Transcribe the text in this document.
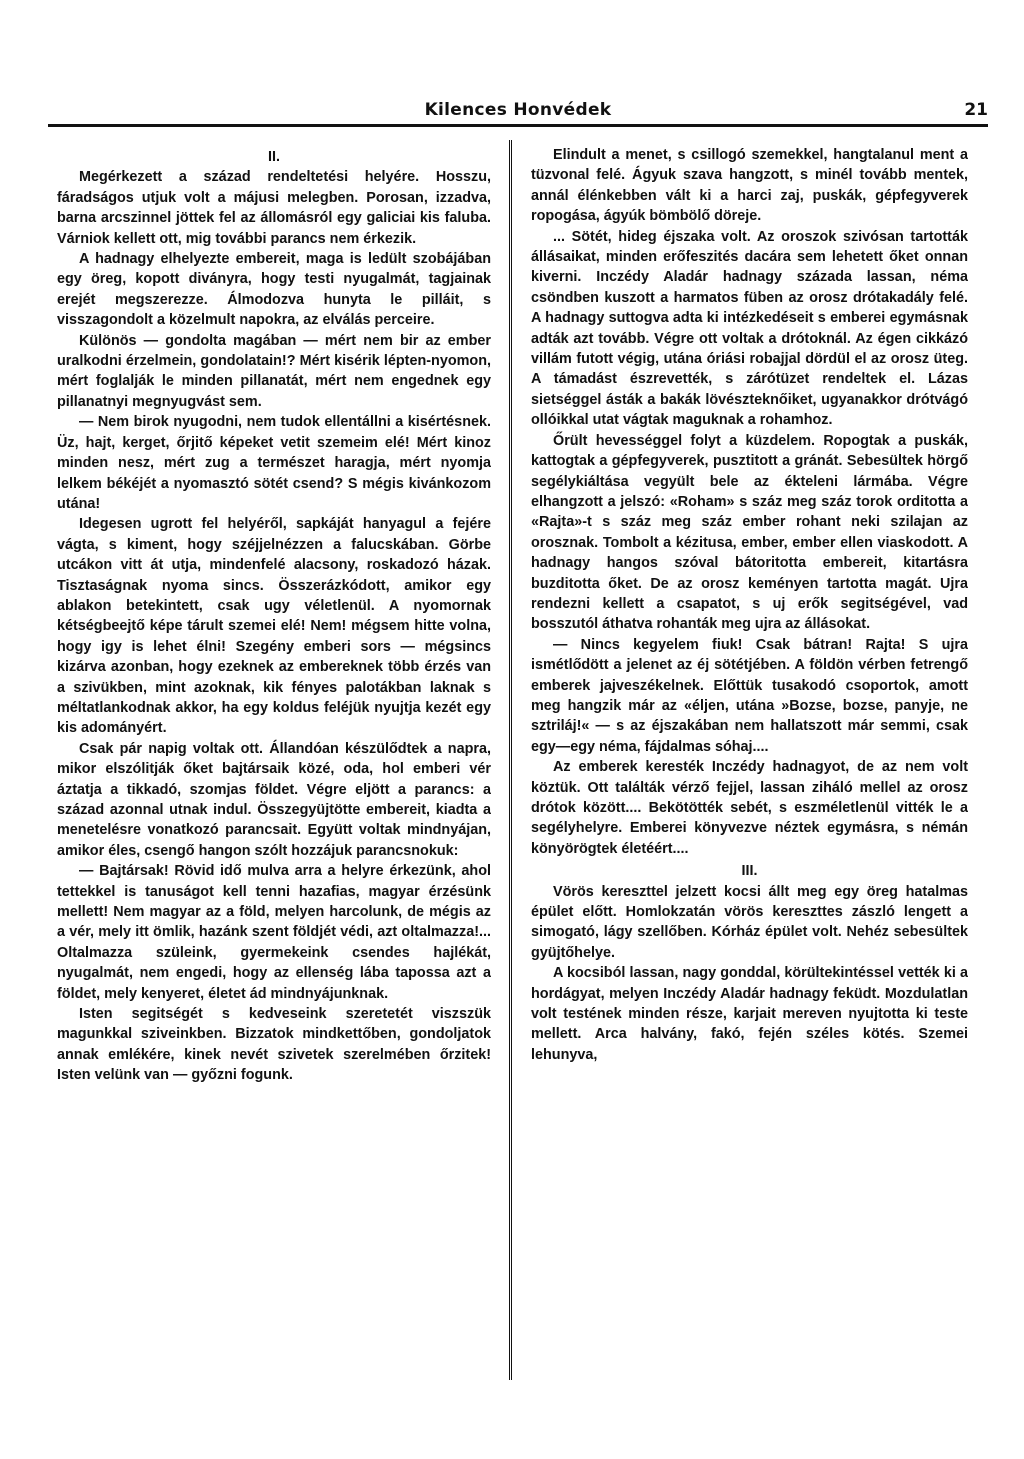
Kilences Honvédek	21

II.

Megérkezett a század rendeltetési helyére. Hosszu, fáradságos utjuk volt a májusi melegben. Porosan, izzadva, barna arcszinnel jöttek fel az állomásról egy galiciai kis faluba. Várniok kellett ott, mig további parancs nem érkezik.

A hadnagy elhelyezte embereit, maga is ledült szobájában egy öreg, kopott diványra, hogy testi nyugalmát, tagjainak erejét megszerezze. Álmodozva hunyta le pilláit, s visszagondolt a közelmult napokra, az elválás perceire.

Különös — gondolta magában — mért nem bir az ember uralkodni érzelmein, gondolatain!? Mért kisérik lépten-nyomon, mért foglalják le minden pillanatát, mért nem engednek egy pillanatnyi megnyugvást sem.

— Nem birok nyugodni, nem tudok ellentállni a kisértésnek. Üz, hajt, kerget, őrjitő képeket vetit szemeim elé! Mért kinoz minden nesz, mért zug a természet haragja, mért nyomja lelkem békéjét a nyomasztó sötét csend? S mégis kivánkozom utána!

Idegesen ugrott fel helyéről, sapkáját hanyagul a fejére vágta, s kiment, hogy széjjelnézzen a falucskában. Görbe utcákon vitt át utja, mindenfelé alacsony, roskadozó házak. Tisztaságnak nyoma sincs. Összerázkódott, amikor egy ablakon betekintett, csak ugy véletlenül. A nyomornak kétségbeejtő képe tárult szemei elé! Nem! mégsem hitte volna, hogy igy is lehet élni! Szegény emberi sors — mégsincs kizárva azonban, hogy ezeknek az embereknek több érzés van a szivükben, mint azoknak, kik fényes palotákban laknak s méltatlankodnak akkor, ha egy koldus feléjük nyujtja kezét egy kis adományért.

Csak pár napig voltak ott. Állandóan készülődtek a napra, mikor elszólitják őket bajtársaik közé, oda, hol emberi vér áztatja a tikkadó, szomjas földet. Végre eljött a parancs: a század azonnal utnak indul. Összegyüjtötte embereit, kiadta a menetelésre vonatkozó parancsait. Együtt voltak mindnyájan, amikor éles, csengő hangon szólt hozzájuk parancsnokuk:

— Bajtársak! Rövid idő mulva arra a helyre érkezünk, ahol tettekkel is tanuságot kell tenni hazafias, magyar érzésünk mellett! Nem magyar az a föld, melyen harcolunk, de mégis az a vér, mely itt ömlik, hazánk szent földjét védi, azt oltalmazza!... Oltalmazza szüleink, gyermekeink csendes hajlékát, nyugalmát, nem engedi, hogy az ellenség lába tapossa azt a földet, mely kenyeret, életet ád mindnyájunknak.

Isten segitségét s kedveseink szeretetét viszszük magunkkal sziveinkben. Bizzatok mindkettőben, gondoljatok annak emlékére, kinek nevét szivetek szerelmében őrzitek! Isten velünk van — győzni fogunk.

Elindult a menet, s csillogó szemekkel, hangtalanul ment a tüzvonal felé. Ágyuk szava hangzott, s minél tovább mentek, annál élénkebben vált ki a harci zaj, puskák, gépfegyverek ropogása, ágyúk bömbölő döreje.

... Sötét, hideg éjszaka volt. Az oroszok szivósan tartották állásaikat, minden erőfeszités dacára sem lehetett őket onnan kiverni. Inczédy Aladár hadnagy százada lassan, néma csöndben kuszott a harmatos füben az orosz drótakadály felé. A hadnagy suttogva adta ki intézkedéseit s emberei egymásnak adták azt tovább. Végre ott voltak a drótoknál. Az égen cikkázó villám futott végig, utána óriási robajjal dördül el az orosz üteg. A támadást észrevették, s zárótüzet rendeltek el. Lázas sietséggel ásták a bakák lövészteknőiket, ugyanakkor drótvágó ollóikkal utat vágtak maguknak a rohamhoz.

Őrült hevességgel folyt a küzdelem. Ropogtak a puskák, kattogtak a gépfegyverek, pusztitott a gránát. Sebesültek hörgő segélykiáltása vegyült bele az ékteleni lármába. Végre elhangzott a jelszó: «Roham» s száz meg száz torok orditotta a «Rajta»-t s száz meg száz ember rohant neki szilajan az orosznak. Tombolt a kézitusa, ember, ember ellen viaskodott. A hadnagy hangos szóval bátoritotta embereit, kitartásra buzditotta őket. De az orosz keményen tartotta magát. Ujra rendezni kellett a csapatot, s uj erők segitségével, vad bosszutól áthatva rohanták meg ujra az állásokat.

— Nincs kegyelem fiuk! Csak bátran! Rajta! S ujra ismétlődött a jelenet az éj sötétjében. A földön vérben fetrengő emberek jajveszékelnek. Előttük tusakodó csoportok, amott meg hangzik már az «éljen, utána »Bozse, bozse, panyje, ne sztriláj!« — s az éjszakában nem hallatszott már semmi, csak egy—egy néma, fájdalmas sóhaj....

Az emberek keresték Inczédy hadnagyot, de az nem volt köztük. Ott találták vérző fejjel, lassan ziháló mellel az orosz drótok között.... Bekötötték sebét, s eszméletlenül vitték le a segélyhelyre. Emberei könyvezve néztek egymásra, s némán könyörögtek életéért....

III.

Vörös kereszttel jelzett kocsi állt meg egy öreg hatalmas épület előtt. Homlokzatán vörös kereszttes zászló lengett a simogató, lágy szellőben. Kórház épület volt. Nehéz sebesültek gyüjtőhelye.

A kocsiból lassan, nagy gonddal, körültekintéssel vették ki a hordágyat, melyen Inczédy Aladár hadnagy feküdt. Mozdulatlan volt testének minden része, karjait mereven nyujtotta ki teste mellett. Arca halvány, fakó, fején széles kötés. Szemei lehunyva,
